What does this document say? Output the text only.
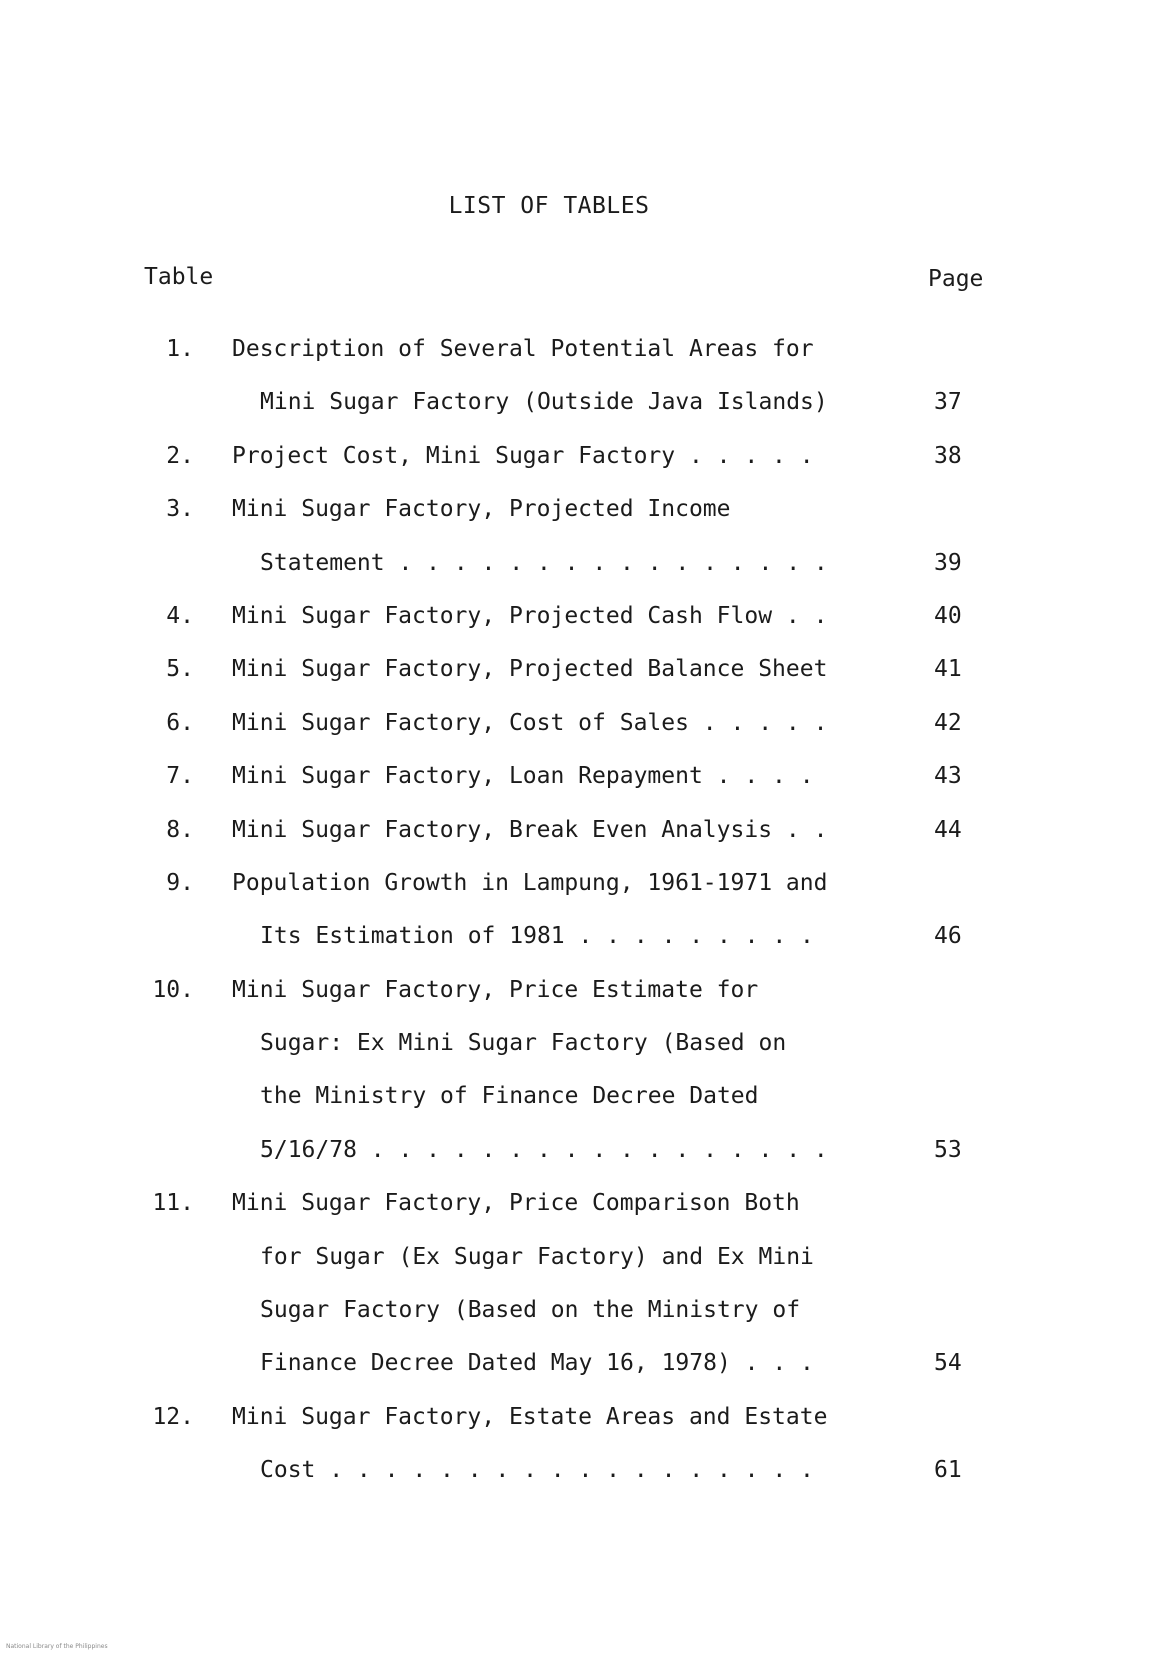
LIST OF TABLES
Table	Page
1. Description of Several Potential Areas for
Mini Sugar Factory (Outside Java Islands)	37
2. Project Cost, Mini Sugar Factory . . . . .	38
3. Mini Sugar Factory, Projected Income
Statement . . . . . . . . . . . . . . . .	39
4. Mini Sugar Factory, Projected Cash Flow . .	40
5. Mini Sugar Factory, Projected Balance Sheet	41
6. Mini Sugar Factory, Cost of Sales . . . . .	42
7. Mini Sugar Factory, Loan Repayment . . . .	43
8. Mini Sugar Factory, Break Even Analysis . .	44
9. Population Growth in Lampung, 1961-1971 and
Its Estimation of 1981 . . . . . . . . .	46
10. Mini Sugar Factory, Price Estimate for
Sugar: Ex Mini Sugar Factory (Based on
the Ministry of Finance Decree Dated
5/16/78 . . . . . . . . . . . . . . . . .	53
11. Mini Sugar Factory, Price Comparison Both
for Sugar (Ex Sugar Factory) and Ex Mini
Sugar Factory (Based on the Ministry of
Finance Decree Dated May 16, 1978) . . .	54
12. Mini Sugar Factory, Estate Areas and Estate
Cost . . . . . . . . . . . . . . . . . .	61
National Library of the Philippines
